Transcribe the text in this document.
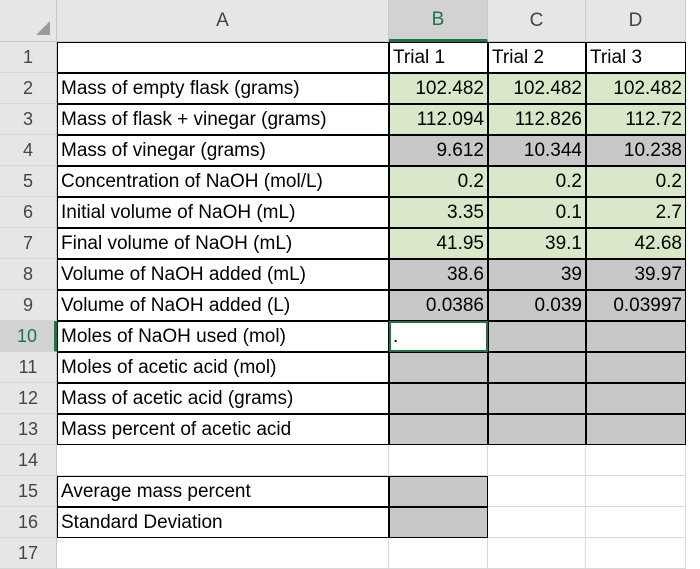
A	B	C	D
1	Trial 1	Trial 2	Trial 3
2	Mass of empty flask (grams)	102.482	102.482	102.482
3	Mass of flask + vinegar (grams)	112.094	112.826	112.72
4	Mass of vinegar (grams)	9.612	10.344	10.238
5	Concentration of NaOH (mol/L)	0.2	0.2	0.2
6	Initial volume of NaOH (mL)	3.35	0.1	2.7
7	Final volume of NaOH (mL)	41.95	39.1	42.68
8	Volume of NaOH added (mL)	38.6	39	39.97
9	Volume of NaOH added (L)	0.0386	0.039	0.03997
10	Moles of NaOH used (mol)	.
11	Moles of acetic acid (mol)
12	Mass of acetic acid (grams)
13	Mass percent of acetic acid
14
15	Average mass percent
16	Standard Deviation
17
